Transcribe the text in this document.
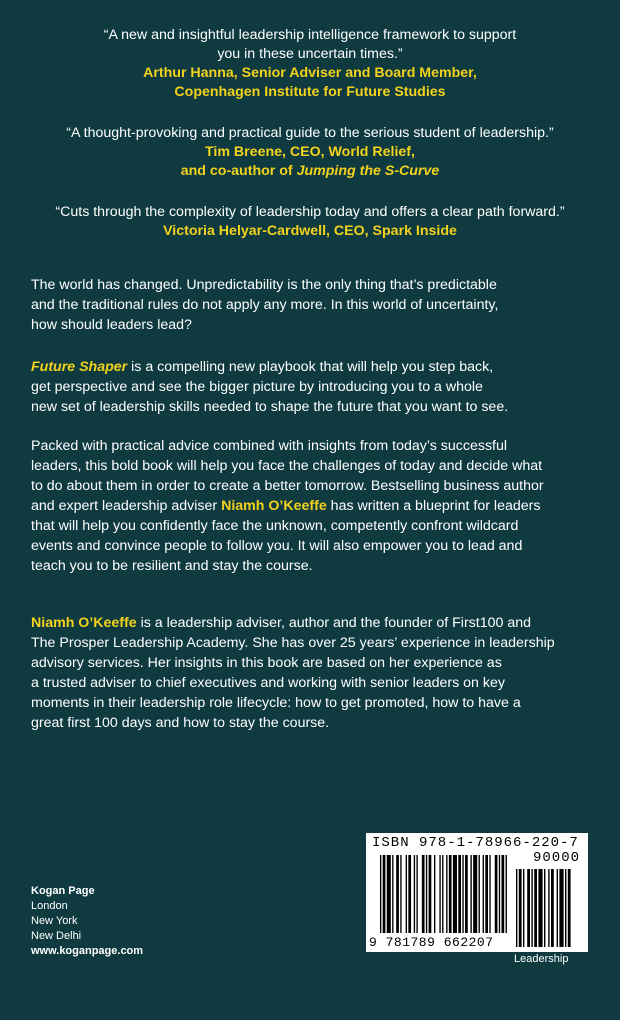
“A new and insightful leadership intelligence framework to support
you in these uncertain times.”
Arthur Hanna, Senior Adviser and Board Member,
Copenhagen Institute for Future Studies
“A thought-provoking and practical guide to the serious student of leadership.”
Tim Breene, CEO, World Relief,
and co-author of Jumping the S-Curve
“Cuts through the complexity of leadership today and offers a clear path forward.”
Victoria Helyar-Cardwell, CEO, Spark Inside
The world has changed. Unpredictability is the only thing that’s predictable
and the traditional rules do not apply any more. In this world of uncertainty,
how should leaders lead?
Future Shaper is a compelling new playbook that will help you step back,
get perspective and see the bigger picture by introducing you to a whole
new set of leadership skills needed to shape the future that you want to see.
Packed with practical advice combined with insights from today’s successful
leaders, this bold book will help you face the challenges of today and decide what
to do about them in order to create a better tomorrow. Bestselling business author
and expert leadership adviser Niamh O’Keeffe has written a blueprint for leaders
that will help you confidently face the unknown, competently confront wildcard
events and convince people to follow you. It will also empower you to lead and
teach you to be resilient and stay the course.
Niamh O’Keeffe is a leadership adviser, author and the founder of First100 and
The Prosper Leadership Academy. She has over 25 years’ experience in leadership
advisory services. Her insights in this book are based on her experience as
a trusted adviser to chief executives and working with senior leaders on key
moments in their leadership role lifecycle: how to get promoted, how to have a
great first 100 days and how to stay the course.
Kogan Page
London
New York
New Delhi
www.koganpage.com
ISBN 978-1-78966-220-7
90000
9 781789 662207
Leadership
